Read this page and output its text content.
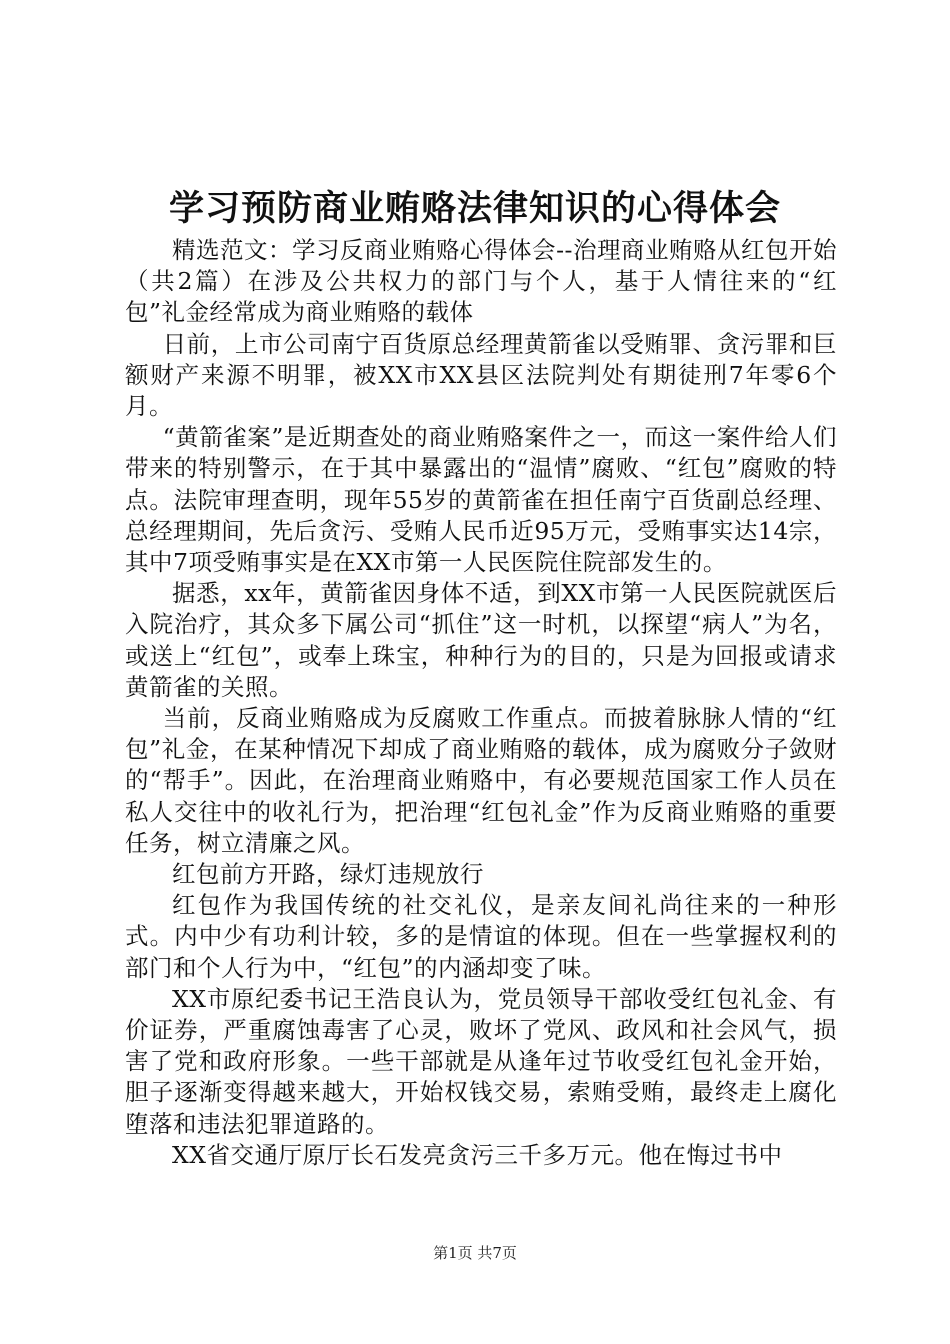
学习预防商业贿赂法律知识的心得体会

精选范文：学习反商业贿赂心得体会--治理商业贿赂从红包开始（共2篇）在涉及公共权力的部门与个人，基于人情往来的“红包”礼金经常成为商业贿赂的载体

日前，上市公司南宁百货原总经理黄箭雀以受贿罪、贪污罪和巨额财产来源不明罪，被XX市XX县区法院判处有期徒刑7年零6个月。

“黄箭雀案”是近期查处的商业贿赂案件之一，而这一案件给人们带来的特别警示，在于其中暴露出的“温情”腐败、“红包”腐败的特点。法院审理查明，现年55岁的黄箭雀在担任南宁百货副总经理、总经理期间，先后贪污、受贿人民币近95万元，受贿事实达14宗，其中7项受贿事实是在XX市第一人民医院住院部发生的。

据悉，xx年，黄箭雀因身体不适，到XX市第一人民医院就医后入院治疗，其众多下属公司“抓住”这一时机，以探望“病人”为名，或送上“红包”，或奉上珠宝，种种行为的目的，只是为回报或请求黄箭雀的关照。

当前，反商业贿赂成为反腐败工作重点。而披着脉脉人情的“红包”礼金，在某种情况下却成了商业贿赂的载体，成为腐败分子敛财的“帮手”。因此，在治理商业贿赂中，有必要规范国家工作人员在私人交往中的收礼行为，把治理“红包礼金”作为反商业贿赂的重要任务，树立清廉之风。

红包前方开路，绿灯违规放行

红包作为我国传统的社交礼仪，是亲友间礼尚往来的一种形式。内中少有功利计较，多的是情谊的体现。但在一些掌握权利的部门和个人行为中，“红包”的内涵却变了味。

XX市原纪委书记王浩良认为，党员领导干部收受红包礼金、有价证券，严重腐蚀毒害了心灵，败坏了党风、政风和社会风气，损害了党和政府形象。一些干部就是从逢年过节收受红包礼金开始，胆子逐渐变得越来越大，开始权钱交易，索贿受贿，最终走上腐化堕落和违法犯罪道路的。

XX省交通厅原厅长石发亮贪污三千多万元。他在悔过书中

第1页 共7页
